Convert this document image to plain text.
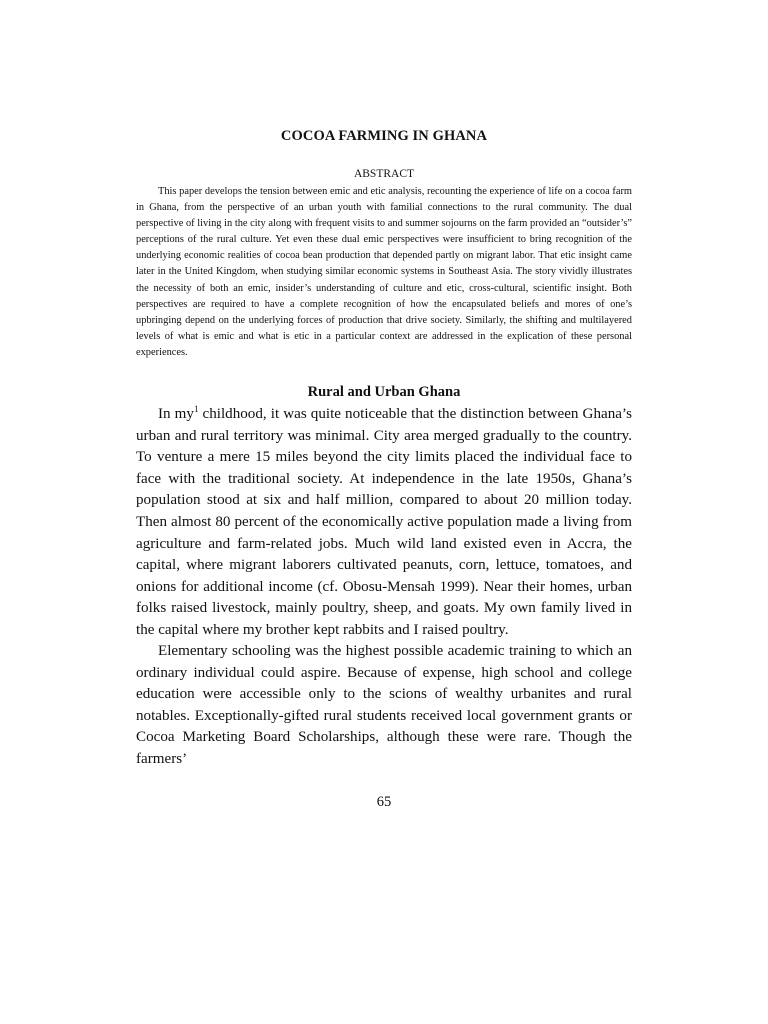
COCOA FARMING IN GHANA
ABSTRACT

This paper develops the tension between emic and etic analysis, recounting the experience of life on a cocoa farm in Ghana, from the perspective of an urban youth with familial connections to the rural community. The dual perspective of living in the city along with frequent visits to and summer sojourns on the farm provided an “outsider’s” perceptions of the rural culture. Yet even these dual emic perspectives were insufficient to bring recognition of the underlying economic realities of cocoa bean production that depended partly on migrant labor. That etic insight came later in the United Kingdom, when studying similar economic systems in Southeast Asia. The story vividly illustrates the necessity of both an emic, insider’s understanding of culture and etic, cross-cultural, scientific insight. Both perspectives are required to have a complete recognition of how the encapsulated beliefs and mores of one’s upbringing depend on the underlying forces of production that drive society. Similarly, the shifting and multilayered levels of what is emic and what is etic in a particular context are addressed in the explication of these personal experiences.

Rural and Urban Ghana

In $my^1$ childhood, it was quite noticeable that the distinction between Ghana’s urban and rural territory was minimal. City area merged gradually to the country. To venture a mere 15 miles beyond the city limits placed the individual face to face with the traditional society. At independence in the late 1950s, Ghana’s population stood at six and half million, compared to about 20 million today. Then almost 80 percent of the economically active population made a living from agriculture and farm-related jobs. Much wild land existed even in Accra, the capital, where migrant laborers cultivated peanuts, corn, lettuce, tomatoes, and onions for additional income (cf. Obosu-Mensah 1999). Near their homes, urban folks raised livestock, mainly poultry, sheep, and goats. My own family lived in the capital where my brother kept rabbits and I raised poultry.

Elementary schooling was the highest possible academic training to which an ordinary individual could aspire. Because of expense, high school and college education were accessible only to the scions of wealthy urbanites and rural notables. Exceptionally-gifted rural students received local government grants or Cocoa Marketing Board Scholarships, although these were rare. Though the farmers’

65
